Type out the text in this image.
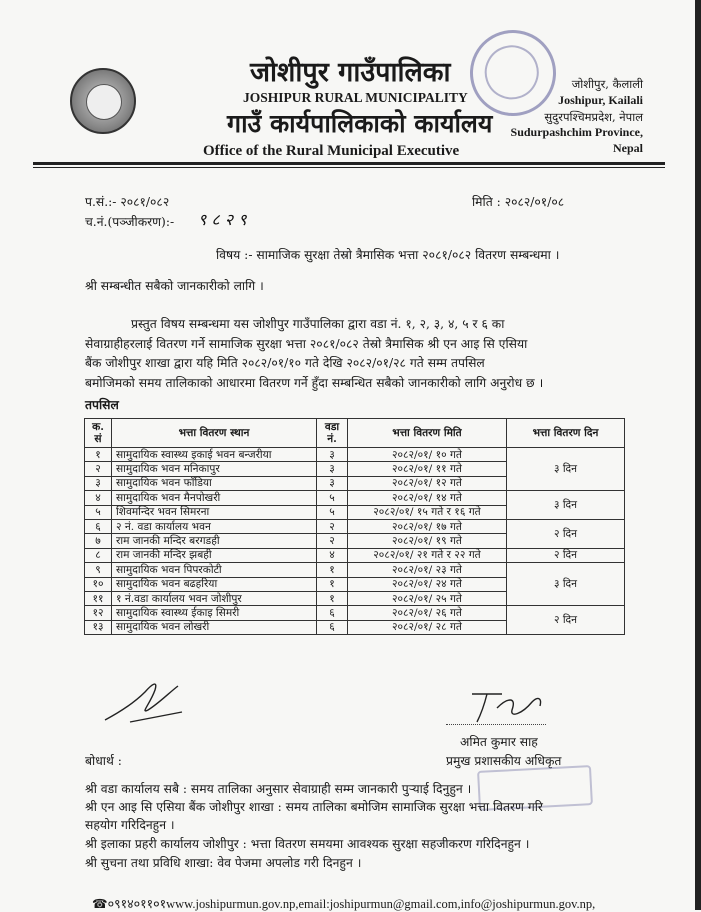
जोशीपुर गाउँपालिका
JOSHIPUR RURAL MUNICIPALITY
गाउँ कार्यपालिकाको कार्यालय
Office of the Rural Municipal Executive
जोशीपुर, कैलाली
Joshipur, Kailali
सुदुरपश्चिमप्रदेश, नेपाल
Sudurpashchim Province,
Nepal
प.सं.:- २०८१/०८२
च.नं.(पञ्जीकरण):- ९ ८ २ ९
मिति : २०८२/०१/०८
विषय :- सामाजिक सुरक्षा तेस्रो त्रैमासिक भत्ता २०८१/०८२ वितरण सम्बन्धमा ।
श्री सम्बन्धीत सबैको जानकारीको लागि ।
प्रस्तुत विषय सम्बन्धमा यस जोशीपुर गाउँपालिका द्वारा वडा नं. १, २, ३, ४, ५ र ६ का
सेवाग्राहीहरलाई वितरण गर्ने सामाजिक सुरक्षा भत्ता २०८१/०८२ तेस्रो त्रैमासिक श्री एन आइ सि एसिया
बैंक जोशीपुर शाखा द्वारा यहि मिति २०८२/०१/१० गते देखि २०८२/०१/२८ गते सम्म तपसिल
बमोजिमको समय तालिकाको आधारमा वितरण गर्ने हुँदा सम्बन्धित सबैको जानकारीको लागि अनुरोध छ ।
तपसिल
क. सं	भत्ता वितरण स्थान	वडा नं.	भत्ता वितरण मिति	भत्ता वितरण दिन
१	सामुदायिक स्वास्थ्य इकाई भवन बन्जरीया	३	२०८२/०१/ १० गते	३ दिन
२	सामुदायिक भवन मनिकापुर	३	२०८२/०१/ ११ गते	
३	सामुदायिक भवन फाँडिया	३	२०८२/०१/ १२ गते	
४	सामुदायिक भवन मैनपोखरी	५	२०८२/०१/ १४ गते	३ दिन
५	शिवमन्दिर भवन सिमरना	५	२०८२/०१/ १५ गते र १६ गते	
६	२ नं. वडा कार्यालय भवन	२	२०८२/०१/ १७ गते	२ दिन
७	राम जानकी मन्दिर बरगडही	२	२०८२/०१/ १९ गते	
८	राम जानकी मन्दिर झबही	४	२०८२/०१/ २१ गते र २२ गते	२ दिन
९	सामुदायिक भवन पिपरकोटी	१	२०८२/०१/ २३ गते	३ दिन
१०	सामुदायिक भवन बढहरिया	१	२०८२/०१/ २४ गते	
११	१ नं.वडा कार्यालय भवन जोशीपुर	१	२०८२/०१/ २५ गते	
१२	सामुदायिक स्वास्थ्य ईकाइ सिमरी	६	२०८२/०१/ २६ गते	२ दिन
१३	सामुदायिक भवन लोखरी	६	२०८२/०१/ २८ गते	
अमित कुमार साह
प्रमुख प्रशासकीय अधिकृत
बोधार्थ :
श्री वडा कार्यालय सबै : समय तालिका अनुसार सेवाग्राही सम्म जानकारी पुर्‍याई दिनुहुन ।
श्री एन आइ सि एसिया बैंक जोशीपुर शाखा : समय तालिका बमोजिम सामाजिक सुरक्षा भत्ता वितरण गरि
सहयोग गरिदिनहुन ।
श्री इलाका प्रहरी कार्यालय जोशीपुर : भत्ता वितरण समयमा आवश्यक सुरक्षा सहजीकरण गरिदिनहुन ।
श्री सुचना तथा प्रविधि शाखा: वेव पेजमा अपलोड गरी दिनहुन ।
☎०९१४०११०१www.joshipurmun.gov.np,email:joshipurmun@gmail.com,info@joshipurmun.gov.np,
